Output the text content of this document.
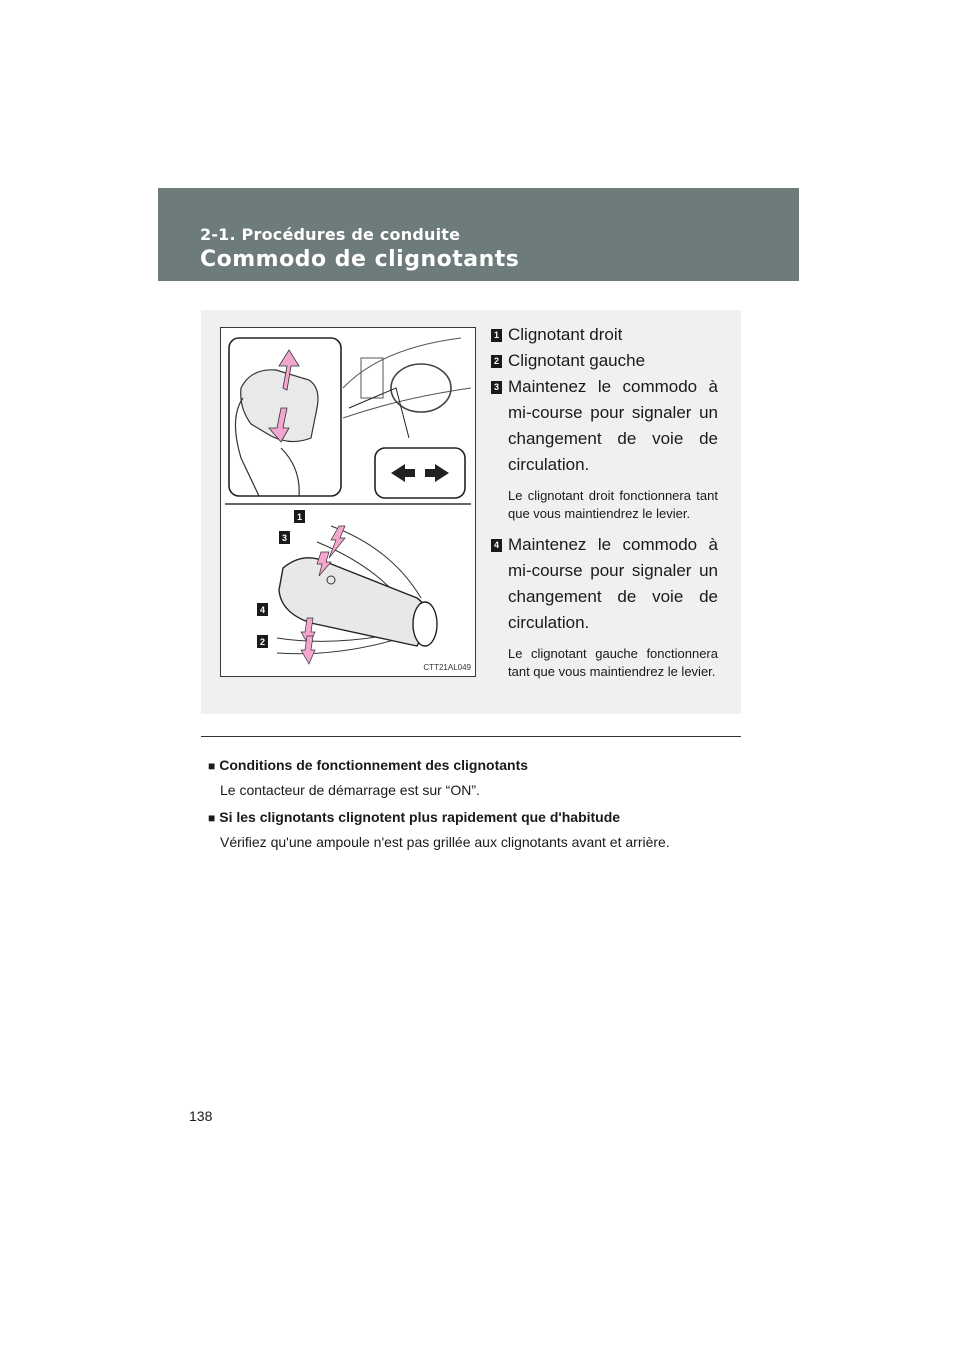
2-1. Procédures de conduite
Commodo de clignotants
1
3
4
2
CTT21AL049
1 Clignotant droit
2 Clignotant gauche
3 Maintenez le commodo à mi-course pour signaler un changement de voie de circulation.
Le clignotant droit fonctionnera tant que vous maintiendrez le levier.
4 Maintenez le commodo à mi-course pour signaler un changement de voie de circulation.
Le clignotant gauche fonctionnera tant que vous maintiendrez le levier.

■ Conditions de fonctionnement des clignotants

Le contacteur de démarrage est sur “ON”.

■ Si les clignotants clignotent plus rapidement que d'habitude

Vérifiez qu'une ampoule n'est pas grillée aux clignotants avant et arrière.

138
